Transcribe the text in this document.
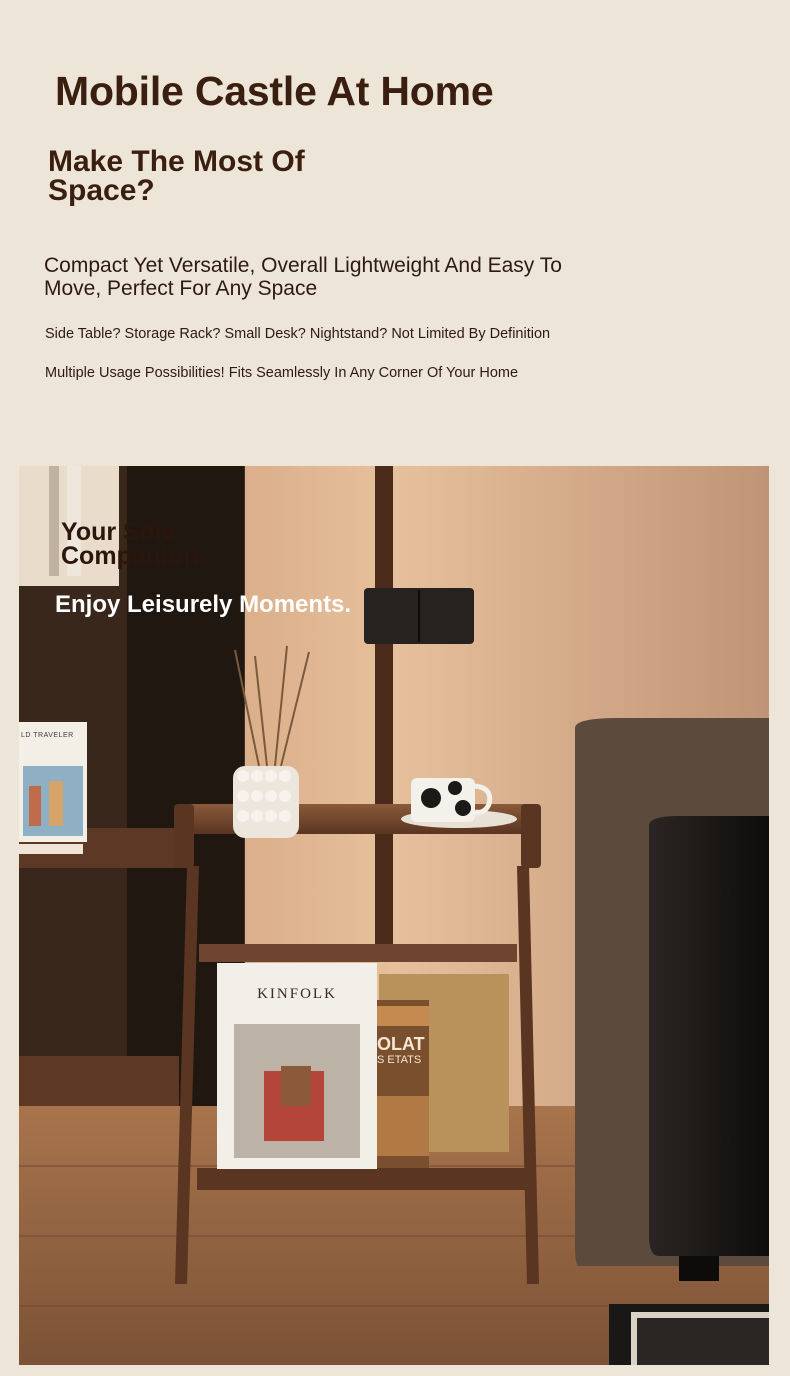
Mobile Castle At Home
Make The Most Of Space?

Compact Yet Versatile, Overall Lightweight And Easy To Move, Perfect For Any Space

Side Table? Storage Rack? Small Desk? Nightstand? Not Limited By Definition

Multiple Usage Possibilities! Fits Seamlessly In Any Corner Of Your Home

Your Sole Companion.

Enjoy Leisurely Moments.

KINFOLK
OLAT
S ETATS
LD TRAVELER
